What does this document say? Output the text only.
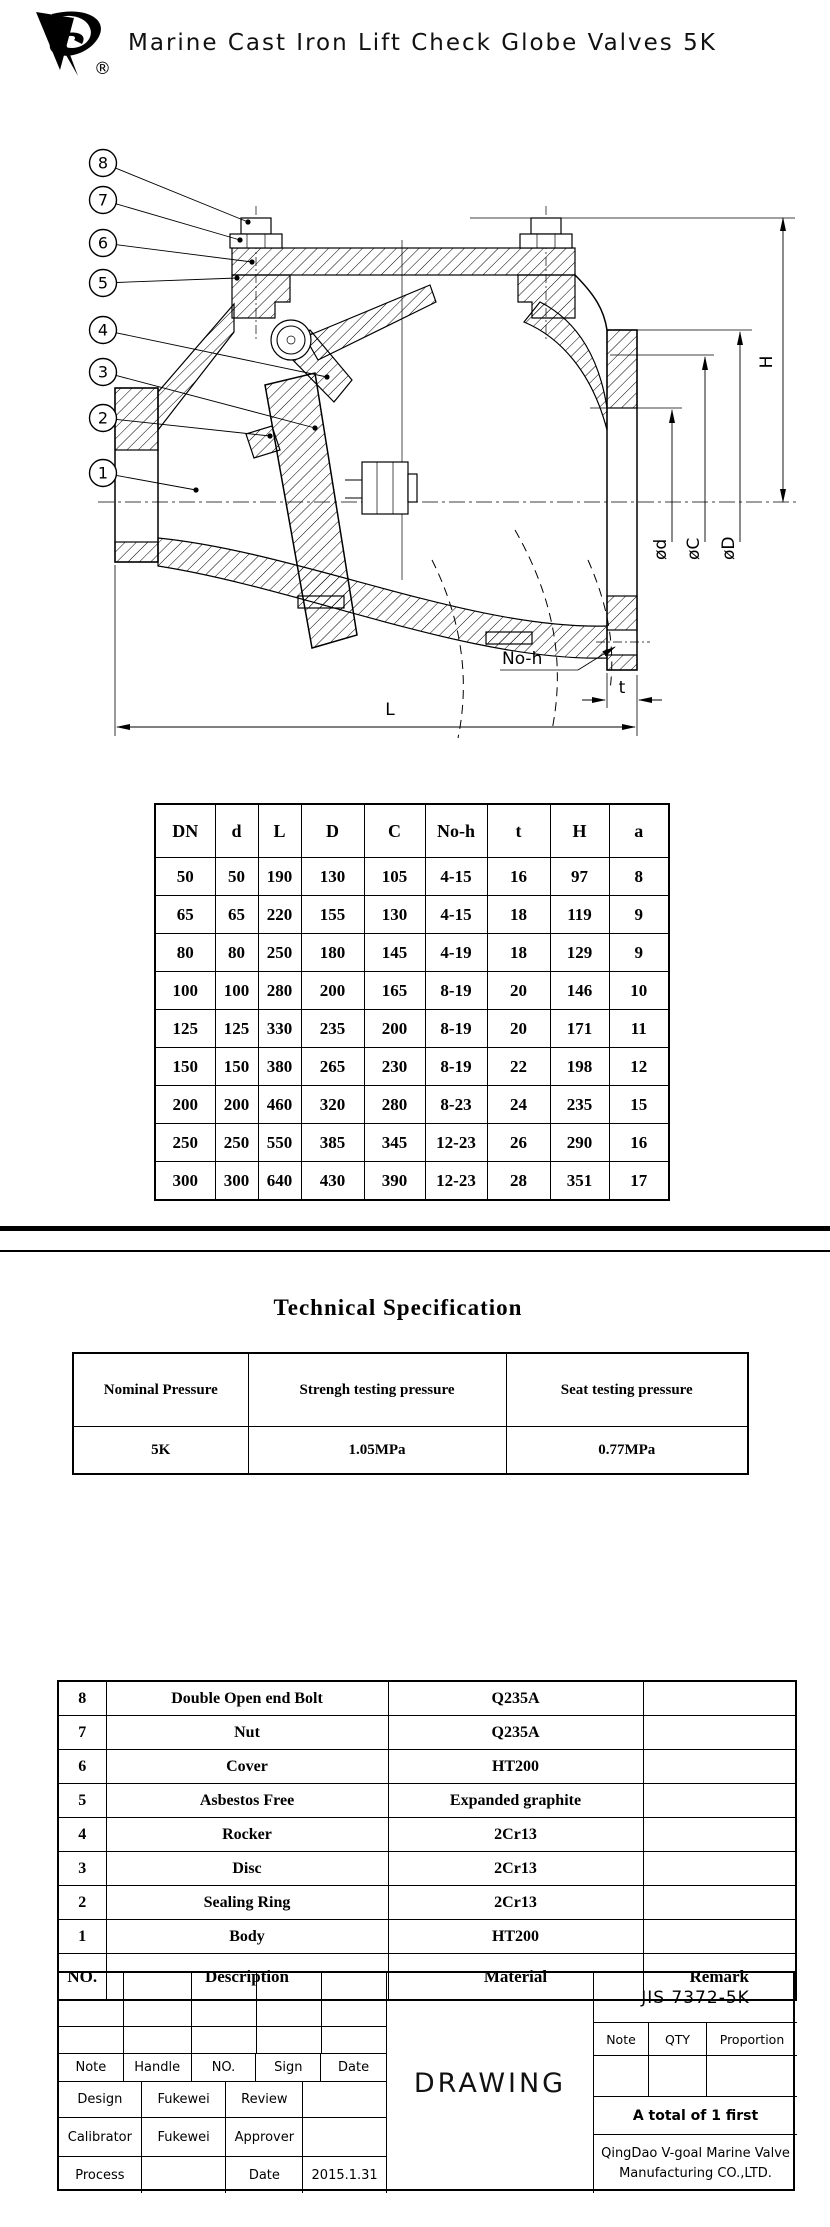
®
Marine Cast Iron Lift Check Globe Valves 5K
H
ød øC øD
No-h
t
L
8
7
6
5
4
3
2
1
DN	d	L	D	C	No-h	t	H	a
50	50	190	130	105	4-15	16	97	8
65	65	220	155	130	4-15	18	119	9
80	80	250	180	145	4-19	18	129	9
100	100	280	200	165	8-19	20	146	10
125	125	330	235	200	8-19	20	171	11
150	150	380	265	230	8-19	22	198	12
200	200	460	320	280	8-23	24	235	15
250	250	550	385	345	12-23	26	290	16
300	300	640	430	390	12-23	28	351	17
Technical Specification
Nominal Pressure	Strengh testing pressure	Seat testing pressure
5K	1.05MPa	0.77MPa
8	Double Open end Bolt	Q235A	
7	Nut	Q235A	
6	Cover	HT200	
5	Asbestos Free	Expanded graphite	
4	Rocker	2Cr13	
3	Disc	2Cr13	
2	Sealing Ring	2Cr13	
1	Body	HT200	
NO.	Description	Material	Remark
Note	Handle	NO.	Sign	Date
Design	Fukewei	Review
Calibrator	Fukewei	Approver
Process	Date	2015.1.31
DRAWING
JIS 7372-5K
Note	QTY	Proportion
A total of 1 first
QingDao V-goal Marine Valve
Manufacturing CO.,LTD.
